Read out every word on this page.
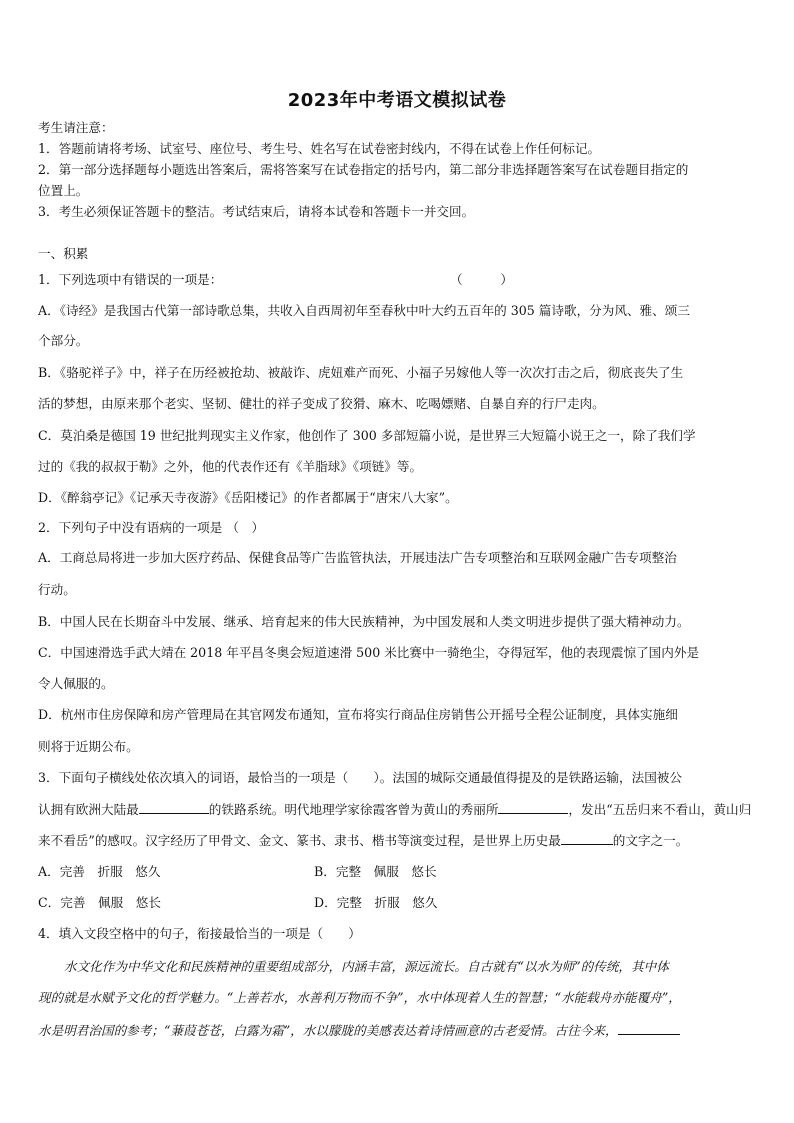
2023年中考语文模拟试卷
考生请注意：
1．答题前请将考场、试室号、座位号、考生号、姓名写在试卷密封线内，不得在试卷上作任何标记。
2．第一部分选择题每小题选出答案后，需将答案写在试卷指定的括号内，第二部分非选择题答案写在试卷题目指定的
位置上。
3．考生必须保证答题卡的整洁。考试结束后，请将本试卷和答题卡一并交回。
一、积累
1．下列选项中有错误的一项是：	（　　　）
A．《诗经》是我国古代第一部诗歌总集，共收入自西周初年至春秋中叶大约五百年的 305 篇诗歌，分为风、雅、颂三
个部分。
B．《骆驼祥子》中，祥子在历经被抢劫、被敲诈、虎妞难产而死、小福子另嫁他人等一次次打击之后，彻底丧失了生
活的梦想，由原来那个老实、坚韧、健壮的祥子变成了狡猾、麻木、吃喝嫖赌、自暴自弃的行尸走肉。
C．莫泊桑是德国 19 世纪批判现实主义作家，他创作了 300 多部短篇小说，是世界三大短篇小说王之一，除了我们学
过的《我的叔叔于勒》之外，他的代表作还有《羊脂球》《项链》等。
D．《醉翁亭记》《记承天寺夜游》《岳阳楼记》的作者都属于“唐宋八大家”。
2．下列句子中没有语病的一项是 （　）
A．工商总局将进一步加大医疗药品、保健食品等广告监管执法，开展违法广告专项整治和互联网金融广告专项整治
行动。
B．中国人民在长期奋斗中发展、继承、培育起来的伟大民族精神，为中国发展和人类文明进步提供了强大精神动力。
C．中国速滑选手武大靖在 2018 年平昌冬奥会短道速滑 500 米比赛中一骑绝尘，夺得冠军，他的表现震惊了国内外是
令人佩服的。
D．杭州市住房保障和房产管理局在其官网发布通知，宣布将实行商品住房销售公开摇号全程公证制度，具体实施细
则将于近期公布。
3．下面句子横线处依次填入的词语，最恰当的一项是（　　）。法国的城际交通最值得提及的是铁路运输，法国被公
认拥有欧洲大陆最	的铁路系统。明代地理学家徐霞客曾为黄山的秀丽所	，发出“五岳归来不看山，黄山归
来不看岳”的感叹。汉字经历了甲骨文、金文、篆书、隶书、楷书等演变过程，是世界上历史最	的文字之一。
A．完善　折服　悠久	B．完整　佩服　悠长
C．完善　佩服　悠长	D．完整　折服　悠久
4．填入文段空格中的句子，衔接最恰当的一项是（　　）
水文化作为中华文化和民族精神的重要组成部分，内涵丰富，源远流长。自古就有“以水为师”的传统，其中体
现的就是水赋予文化的哲学魅力。“上善若水，水善利万物而不争”，水中体现着人生的智慧；“水能载舟亦能覆舟”，
水是明君治国的参考；“蒹葭苍苍，白露为霜”，水以朦胧的美感表达着诗情画意的古老爱情。古往今来，
